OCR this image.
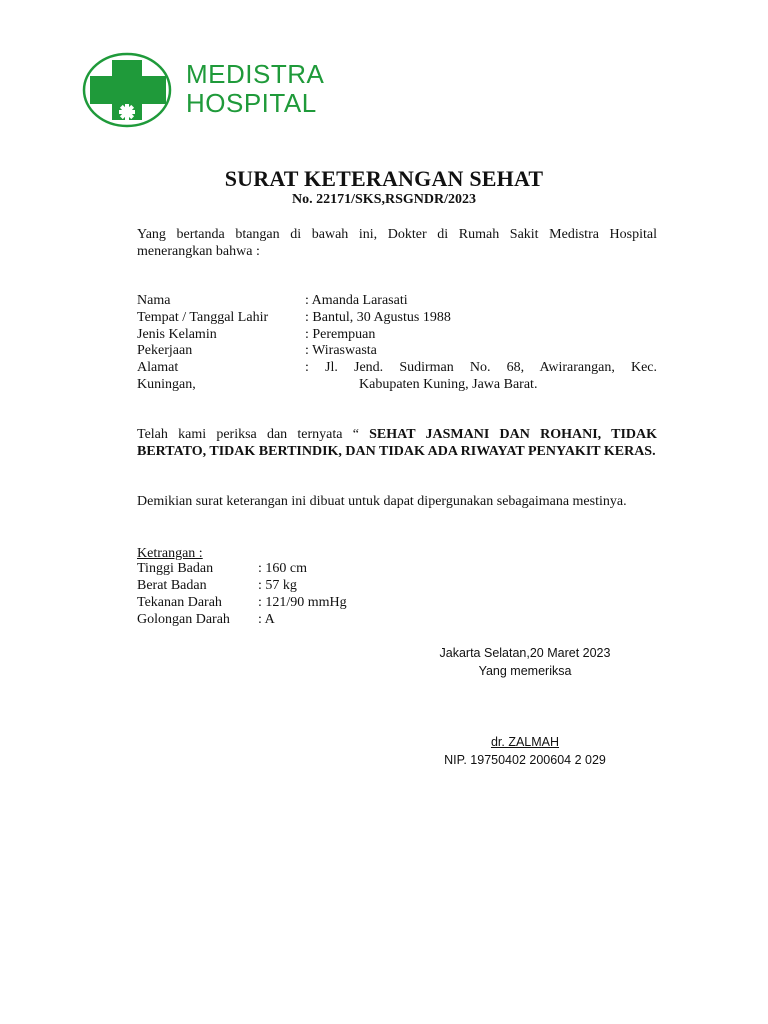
MEDISTRA
HOSPITAL
SURAT KETERANGAN SEHAT
No. 22171/SKS,RSGNDR/2023
Yang bertanda btangan di bawah ini, Dokter di Rumah Sakit Medistra Hospital menerangkan bahwa :
Nama	: Amanda Larasati
Tempat / Tanggal Lahir	: Bantul, 30 Agustus 1988
Jenis Kelamin	: Perempuan
Pekerjaan	: Wiraswasta
Alamat	: Jl. Jend. Sudirman No. 68, Awirarangan, Kec.
Kuningan,	Kabupaten Kuning, Jawa Barat.
Telah kami periksa dan ternyata “ SEHAT JASMANI DAN ROHANI, TIDAK BERTATO, TIDAK BERTINDIK, DAN TIDAK ADA RIWAYAT PENYAKIT KERAS.
Demikian surat keterangan ini dibuat untuk dapat dipergunakan sebagaimana mestinya.
Ketrangan :
Tinggi Badan	: 160 cm
Berat Badan	: 57 kg
Tekanan Darah	: 121/90 mmHg
Golongan Darah : A
Jakarta Selatan,20 Maret 2023
Yang memeriksa
dr. ZALMAH
NIP. 19750402 200604 2 029
